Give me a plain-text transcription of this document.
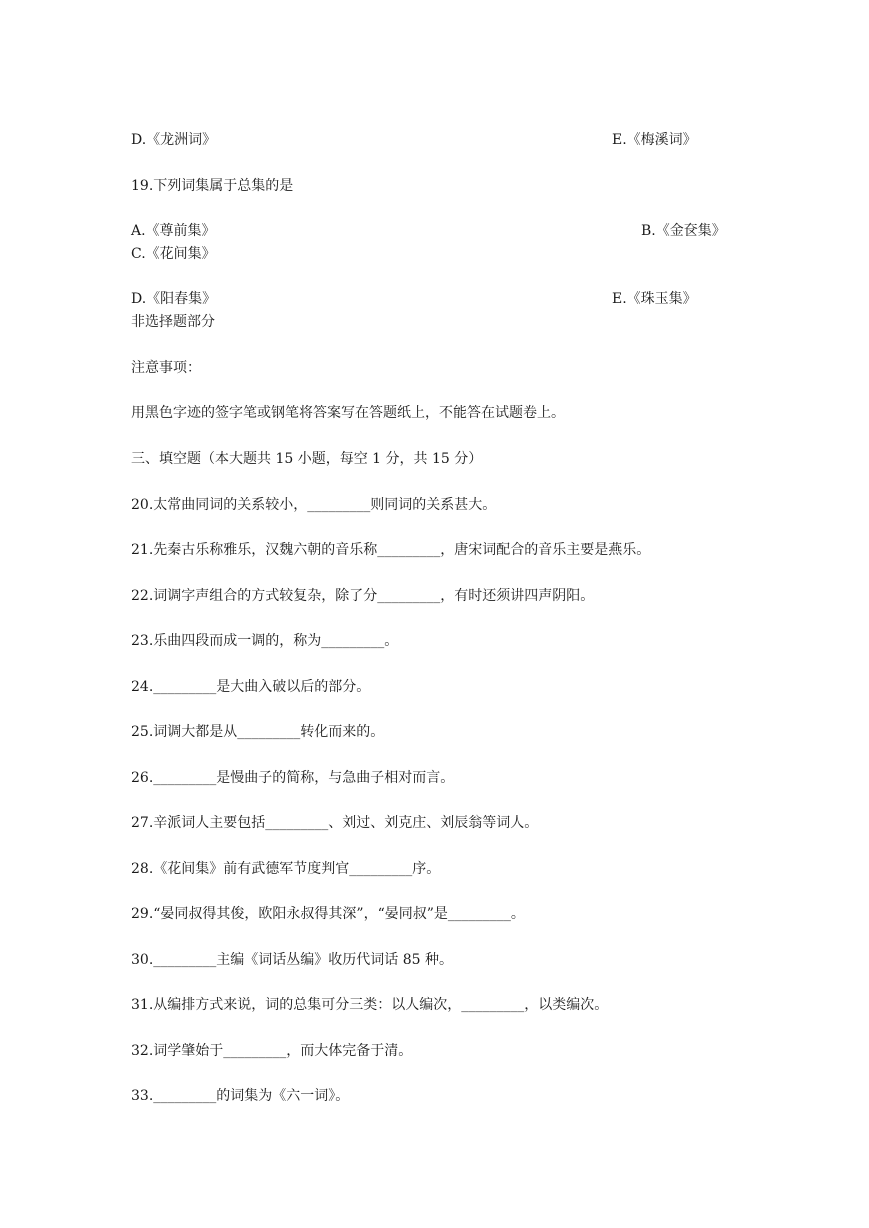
D.《龙洲词》	E.《梅溪词》
19.下列词集属于总集的是
A.《尊前集》	B.《金奁集》
C.《花间集》
D.《阳春集》	E.《珠玉集》
非选择题部分
注意事项：
用黑色字迹的签字笔或钢笔将答案写在答题纸上，不能答在试题卷上。
三、填空题（本大题共 15 小题，每空 1 分，共 15 分）
20.太常曲同词的关系较小，_________则同词的关系甚大。
21.先秦古乐称雅乐，汉魏六朝的音乐称_________，唐宋词配合的音乐主要是燕乐。
22.词调字声组合的方式较复杂，除了分_________，有时还须讲四声阴阳。
23.乐曲四段而成一调的，称为_________。
24._________是大曲入破以后的部分。
25.词调大都是从_________转化而来的。
26._________是慢曲子的简称，与急曲子相对而言。
27.辛派词人主要包括_________、刘过、刘克庄、刘辰翁等词人。
28.《花间集》前有武德军节度判官_________序。
29.“晏同叔得其俊，欧阳永叔得其深”，“晏同叔”是_________。
30._________主编《词话丛编》收历代词话 85 种。
31.从编排方式来说，词的总集可分三类：以人编次，_________，以类编次。
32.词学肇始于_________，而大体完备于清。
33._________的词集为《六一词》。
